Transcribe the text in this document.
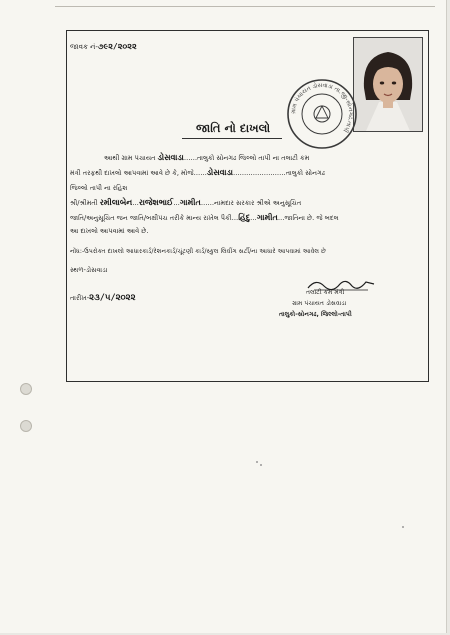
જાવક નં-૭૯૨/૨૦૨૨
ગ્રામ પંચાયત ડોસવાડા તા.જી-સોનગઢ.તાપી
જાતિ નો દાખલો
આથી ગ્રામ પંચાયત ડોસવાડા……તાલુકો સોનગઢ જિલ્લો તાપી ના તલાટી કમ
મંત્રી તરફથી દાખલો આપવામાં આવે છે કે, મોજે……ડોસવાડા……………………તાલુકો સોનગઢ
જિલ્લો તાપી ના રહિશ
શ્રી/શ્રીમતી રમીલાબેન…રાજેશભાઈ…ગામીત……નામદાર સરકાર શ્રીએ અનુસૂચિત
જાતિ/અનુસૂચિત જન જાતિ/બક્ષીપંચ તરીકે માન્ય રાખેલ પૈકી…હિંદુ…ગામીત…જાતિના છે. જે બદલ
આ દાખલો આપવામાં આવે છે.
નોંધ:-ઉપરોક્ત દાખલો આધારકાર્ડ/રેશનકાર્ડ/ચૂંટણી કાર્ડ/સ્કુલ લિવીંગ સર્ટી/ના આધારે આપવામાં આવેલ છે
સ્થળ-ડોસવાડા
તારીખ-૨૩/૫/૨૦૨૨
તલાટી કમ મંત્રી
ગ્રામ પંચાયત ડોસવાડા
તાલુકો-સોનગઢ, જિલ્લો-તાપી
